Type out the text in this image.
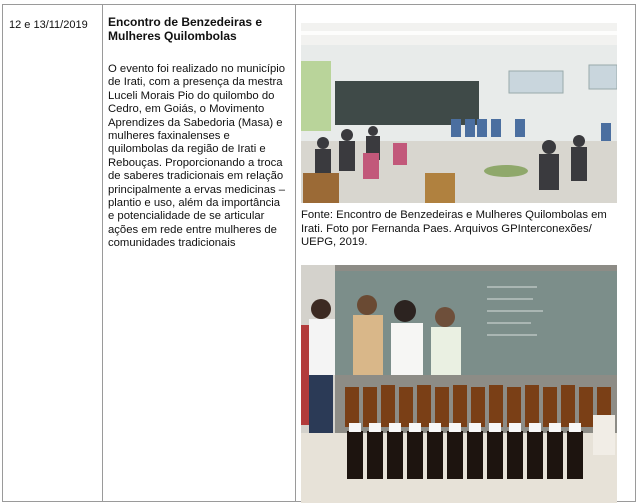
12 e 13/11/2019	Encontro de Benzedeiras e Mulheres Quilombolas

O evento foi realizado no município de Irati, com a presença da mestra Luceli Morais Pio do quilombo do Cedro, em Goiás, o Movimento Aprendizes da Sabedoria (Masa) e mulheres faxinalenses e quilombolas da região de Irati e Rebouças. Proporcionando a troca de saberes tradicionais em relação principalmente a ervas medicinas – plantio e uso, além da importância e potencialidade de se articular ações em rede entre mulheres de comunidades tradicionais

Fonte: Encontro de Benzedeiras e Mulheres Quilombolas em Irati. Foto por Fernanda Paes. Arquivos GPInterconexões/ UEPG, 2019.
